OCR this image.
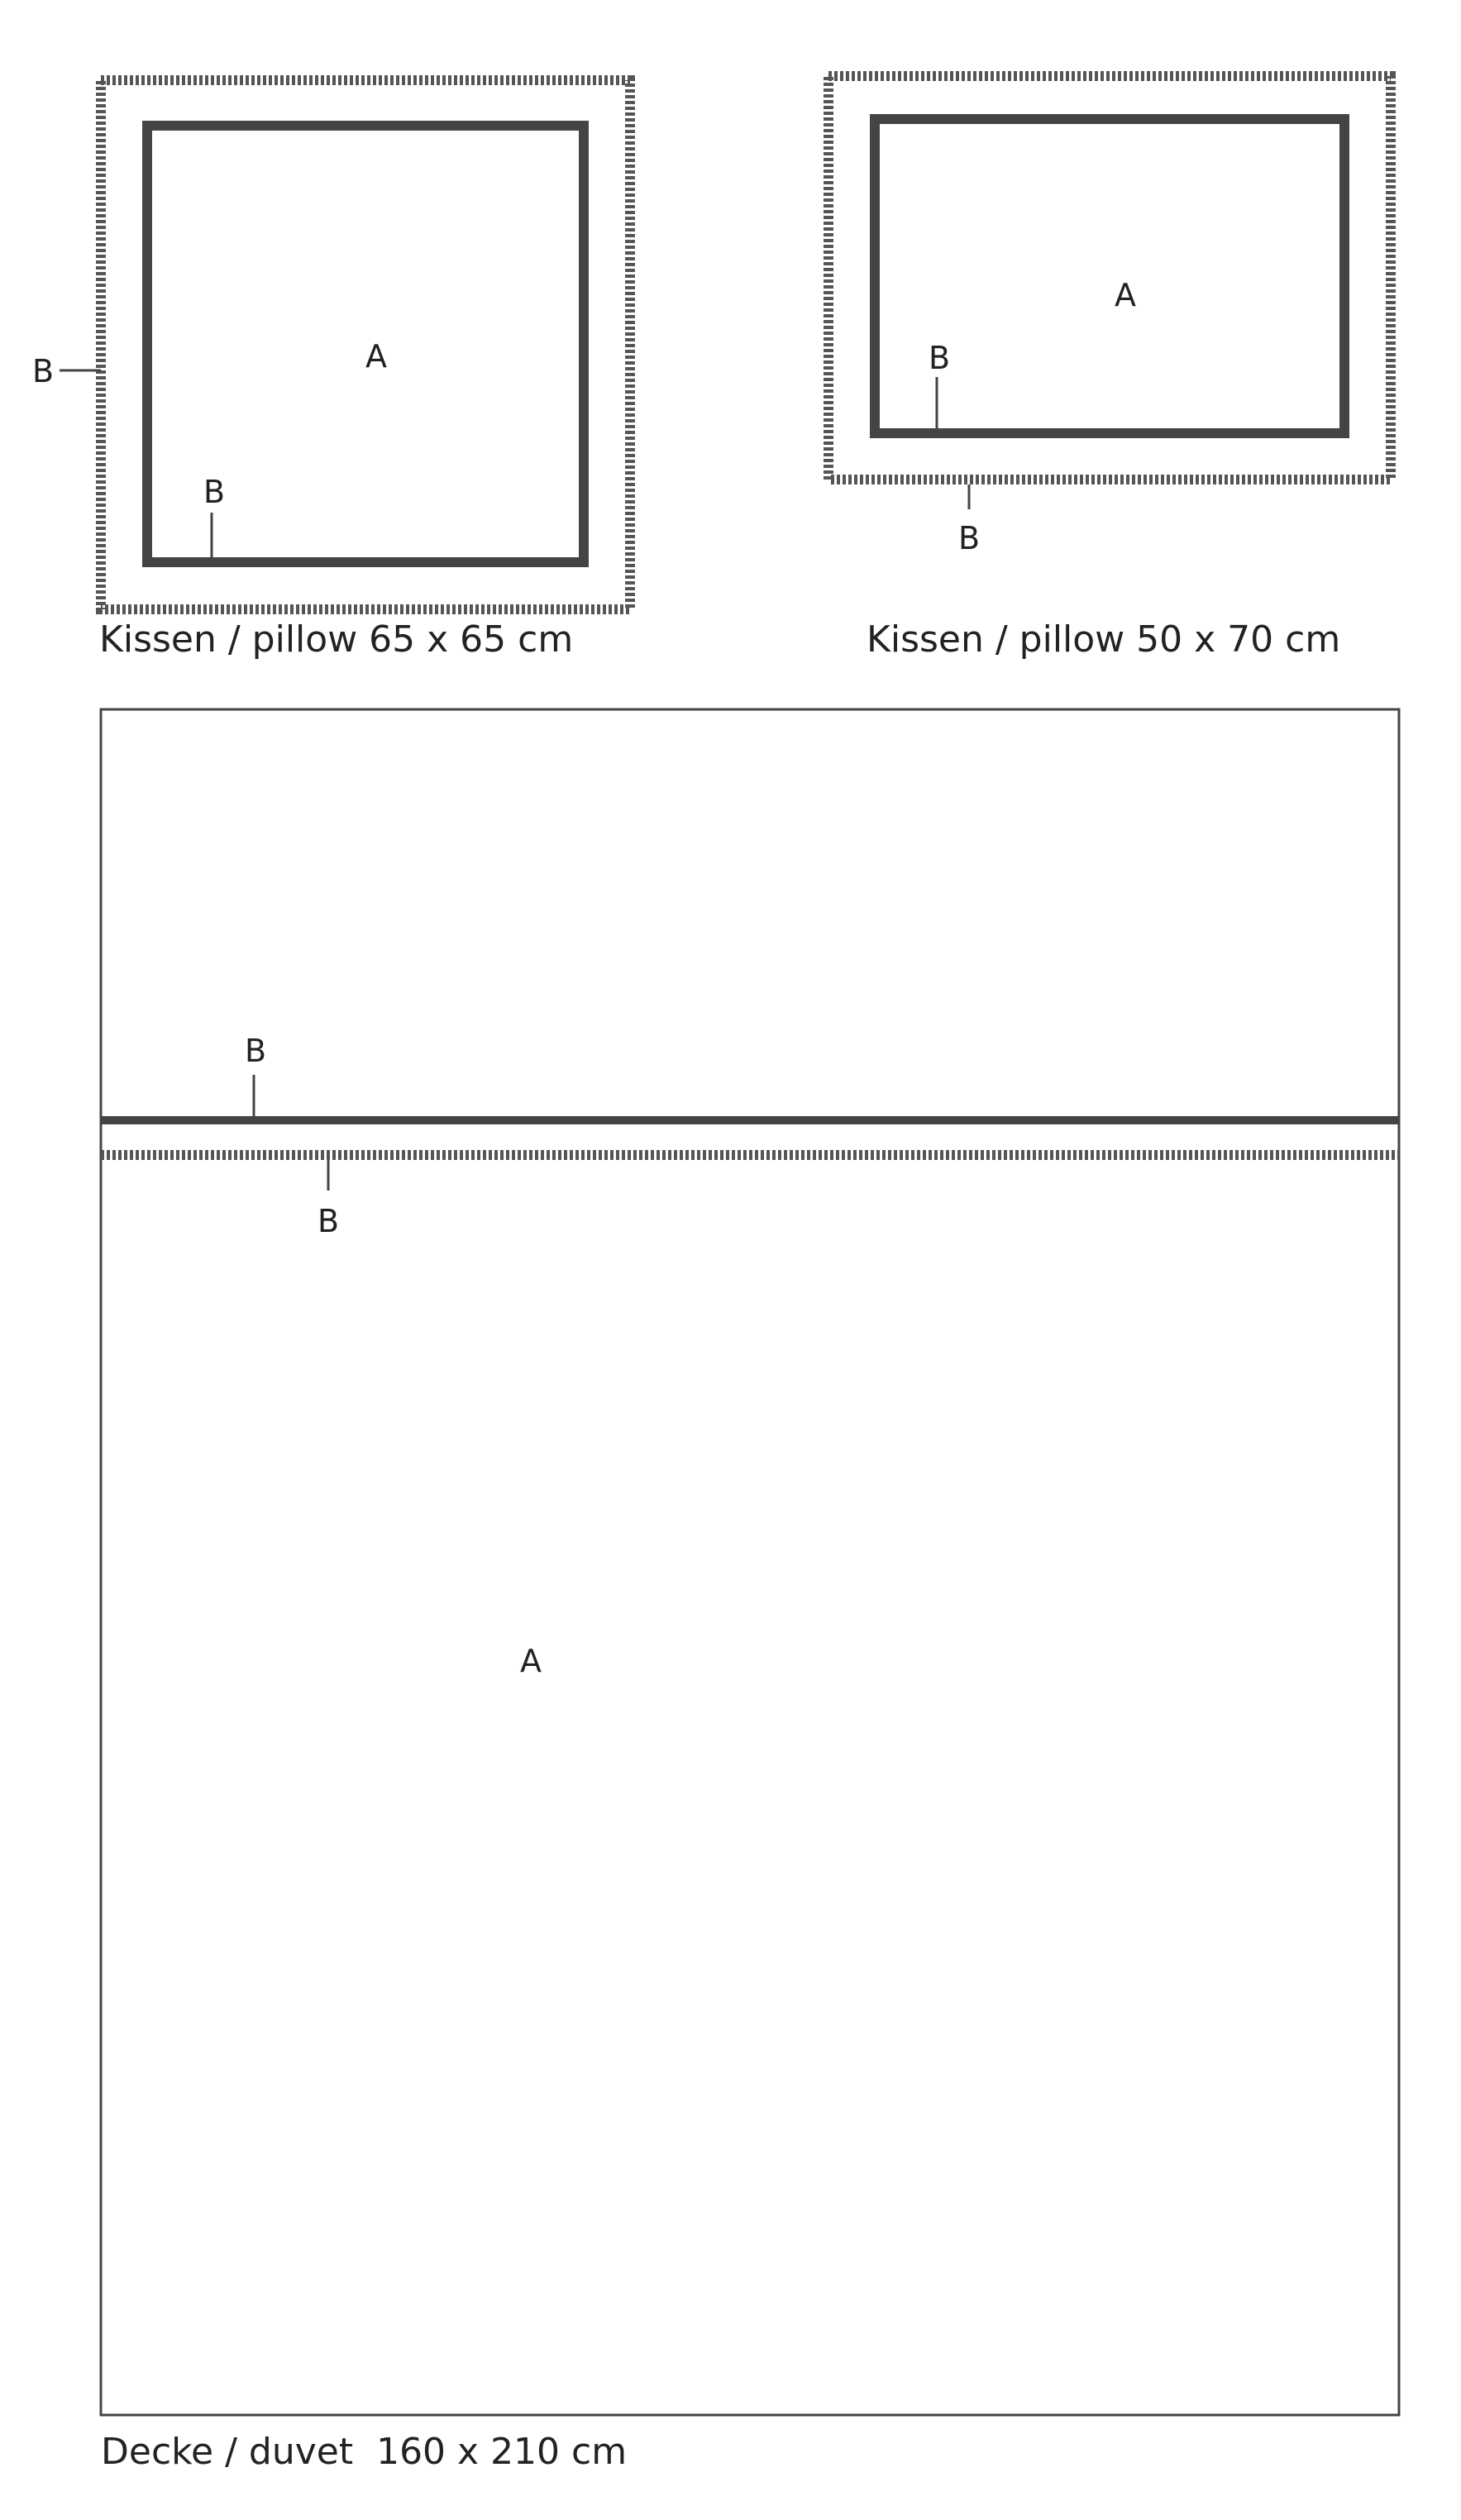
A
B
B
Kissen / pillow 65 x 65 cm
A
B
B
Kissen / pillow 50 x 70 cm
B
B
A
Decke / duvet  160 x 210 cm
